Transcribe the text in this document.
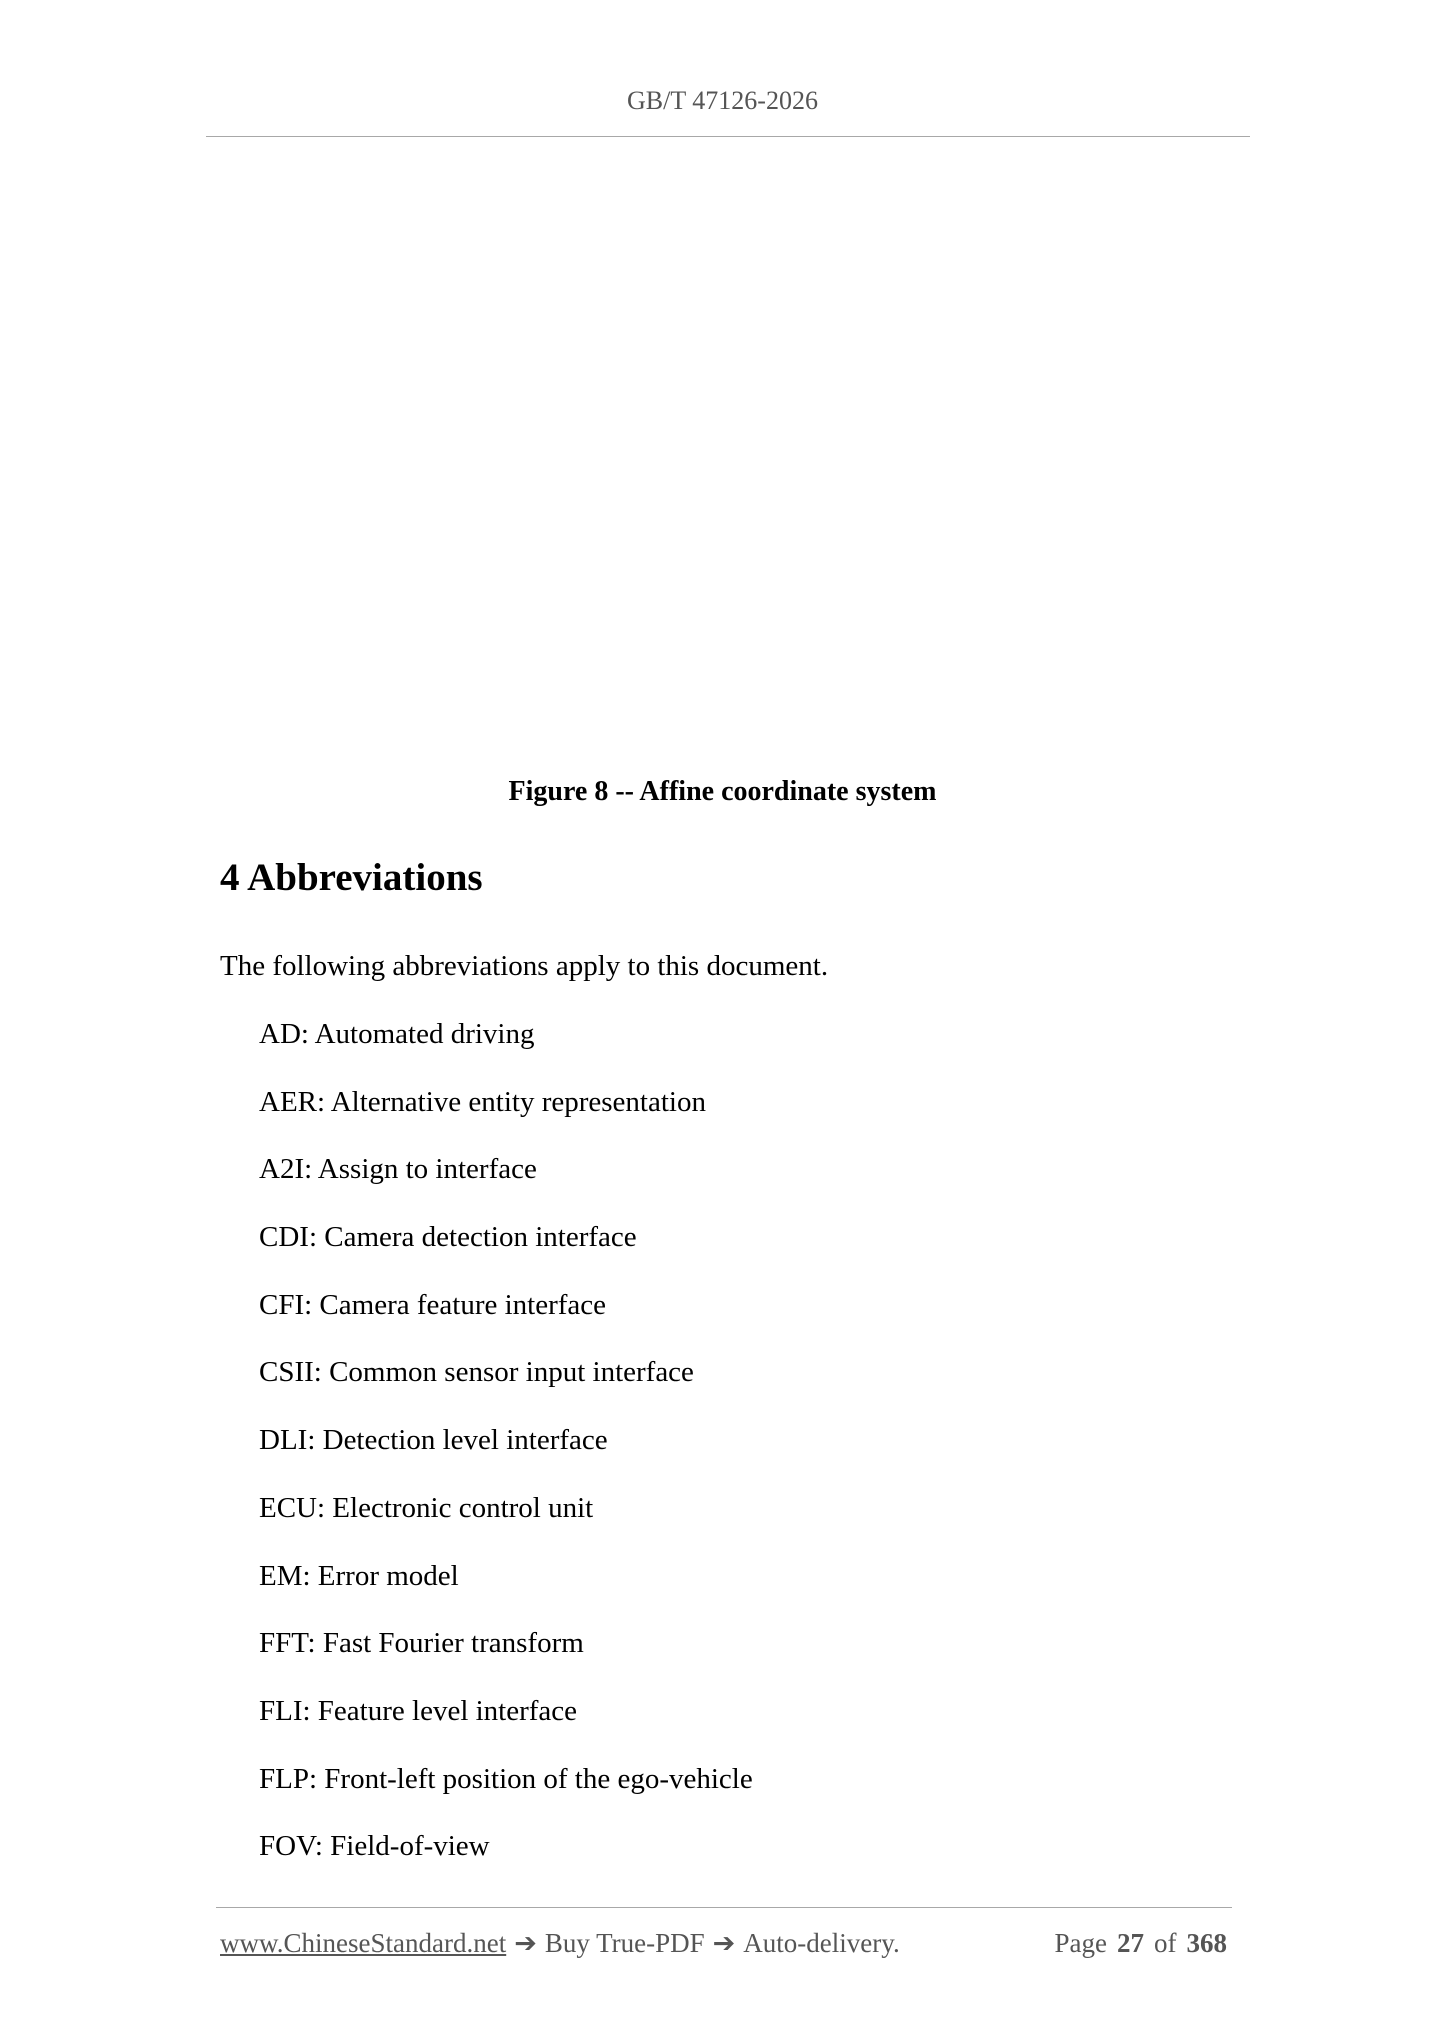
GB/T 47126-2026
Figure 8 -- Affine coordinate system
4 Abbreviations
The following abbreviations apply to this document.
AD: Automated driving
AER: Alternative entity representation
A2I: Assign to interface
CDI: Camera detection interface
CFI: Camera feature interface
CSII: Common sensor input interface
DLI: Detection level interface
ECU: Electronic control unit
EM: Error model
FFT: Fast Fourier transform
FLI: Feature level interface
FLP: Front-left position of the ego-vehicle
FOV: Field-of-view
www.ChineseStandard.net ➔ Buy True-PDF ➔ Auto-delivery.	Page 27 of 368
